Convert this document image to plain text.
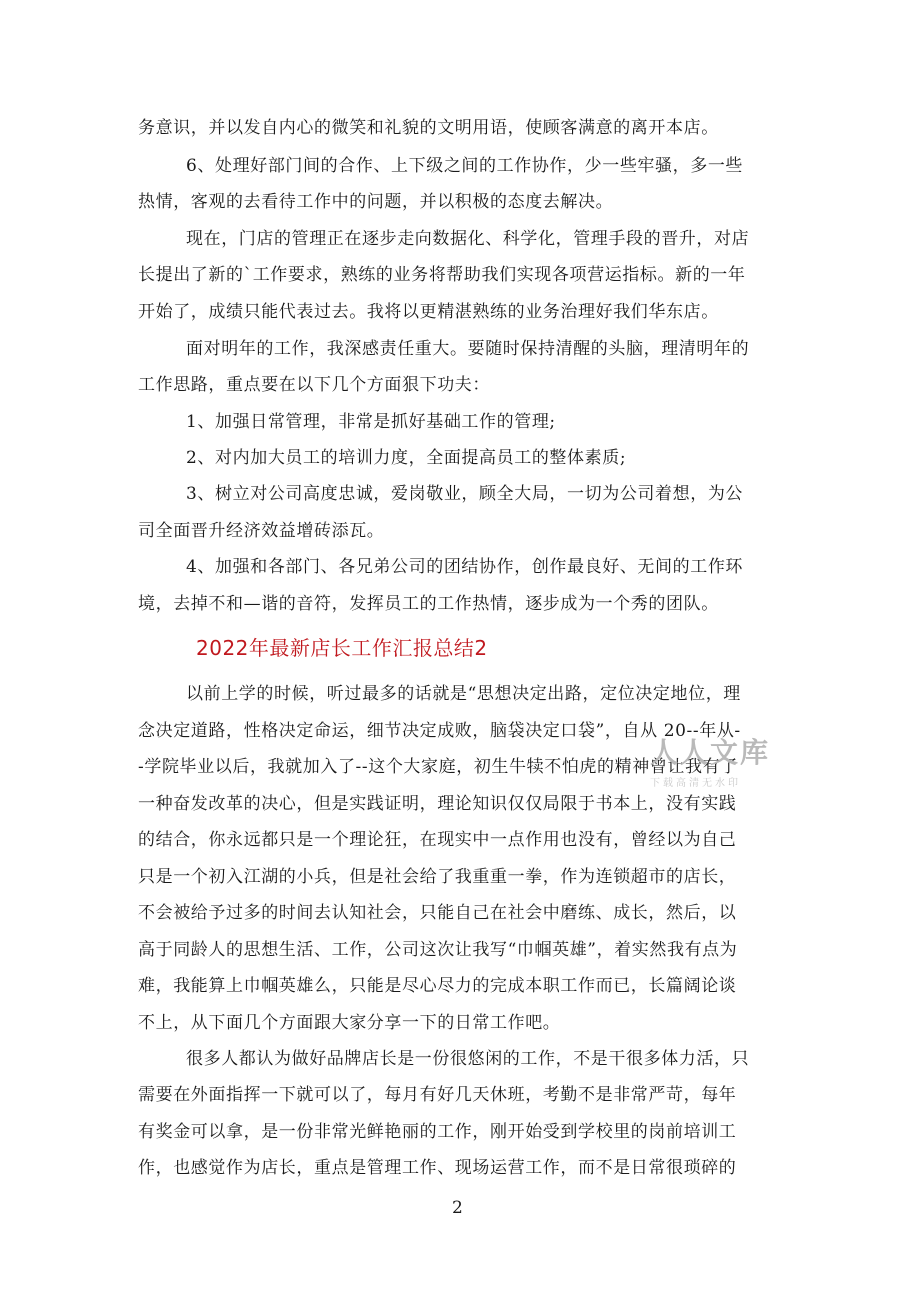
务意识，并以发自内心的微笑和礼貌的文明用语，使顾客满意的离开本店。
6、处理好部门间的合作、上下级之间的工作协作，少一些牢骚，多一些
热情，客观的去看待工作中的问题，并以积极的态度去解决。
现在，门店的管理正在逐步走向数据化、科学化，管理手段的晋升，对店
长提出了新的`工作要求，熟练的业务将帮助我们实现各项营运指标。新的一年
开始了，成绩只能代表过去。我将以更精湛熟练的业务治理好我们华东店。
面对明年的工作，我深感责任重大。要随时保持清醒的头脑，理清明年的
工作思路，重点要在以下几个方面狠下功夫：
1、加强日常管理，非常是抓好基础工作的管理;
2、对内加大员工的培训力度，全面提高员工的整体素质;
3、树立对公司高度忠诚，爱岗敬业，顾全大局，一切为公司着想，为公
司全面晋升经济效益增砖添瓦。
4、加强和各部门、各兄弟公司的团结协作，创作最良好、无间的工作环
境，去掉不和—谐的音符，发挥员工的工作热情，逐步成为一个秀的团队。
2022年最新店长工作汇报总结2
以前上学的时候，听过最多的话就是“思想决定出路，定位决定地位，理
念决定道路，性格决定命运，细节决定成败，脑袋决定口袋”，自从 20--年从-
-学院毕业以后，我就加入了--这个大家庭，初生牛犊不怕虎的精神曾让我有了
一种奋发改革的决心，但是实践证明，理论知识仅仅局限于书本上，没有实践
的结合，你永远都只是一个理论狂，在现实中一点作用也没有，曾经以为自己
只是一个初入江湖的小兵，但是社会给了我重重一拳，作为连锁超市的店长，
不会被给予过多的时间去认知社会，只能自己在社会中磨练、成长，然后，以
高于同龄人的思想生活、工作，公司这次让我写“巾帼英雄”，着实然我有点为
难，我能算上巾帼英雄么，只能是尽心尽力的完成本职工作而已，长篇阔论谈
不上，从下面几个方面跟大家分享一下的日常工作吧。
很多人都认为做好品牌店长是一份很悠闲的工作，不是干很多体力活，只
需要在外面指挥一下就可以了，每月有好几天休班，考勤不是非常严苛，每年
有奖金可以拿，是一份非常光鲜艳丽的工作，刚开始受到学校里的岗前培训工
作，也感觉作为店长，重点是管理工作、现场运营工作，而不是日常很琐碎的
2
人人文库
下载高清无水印
